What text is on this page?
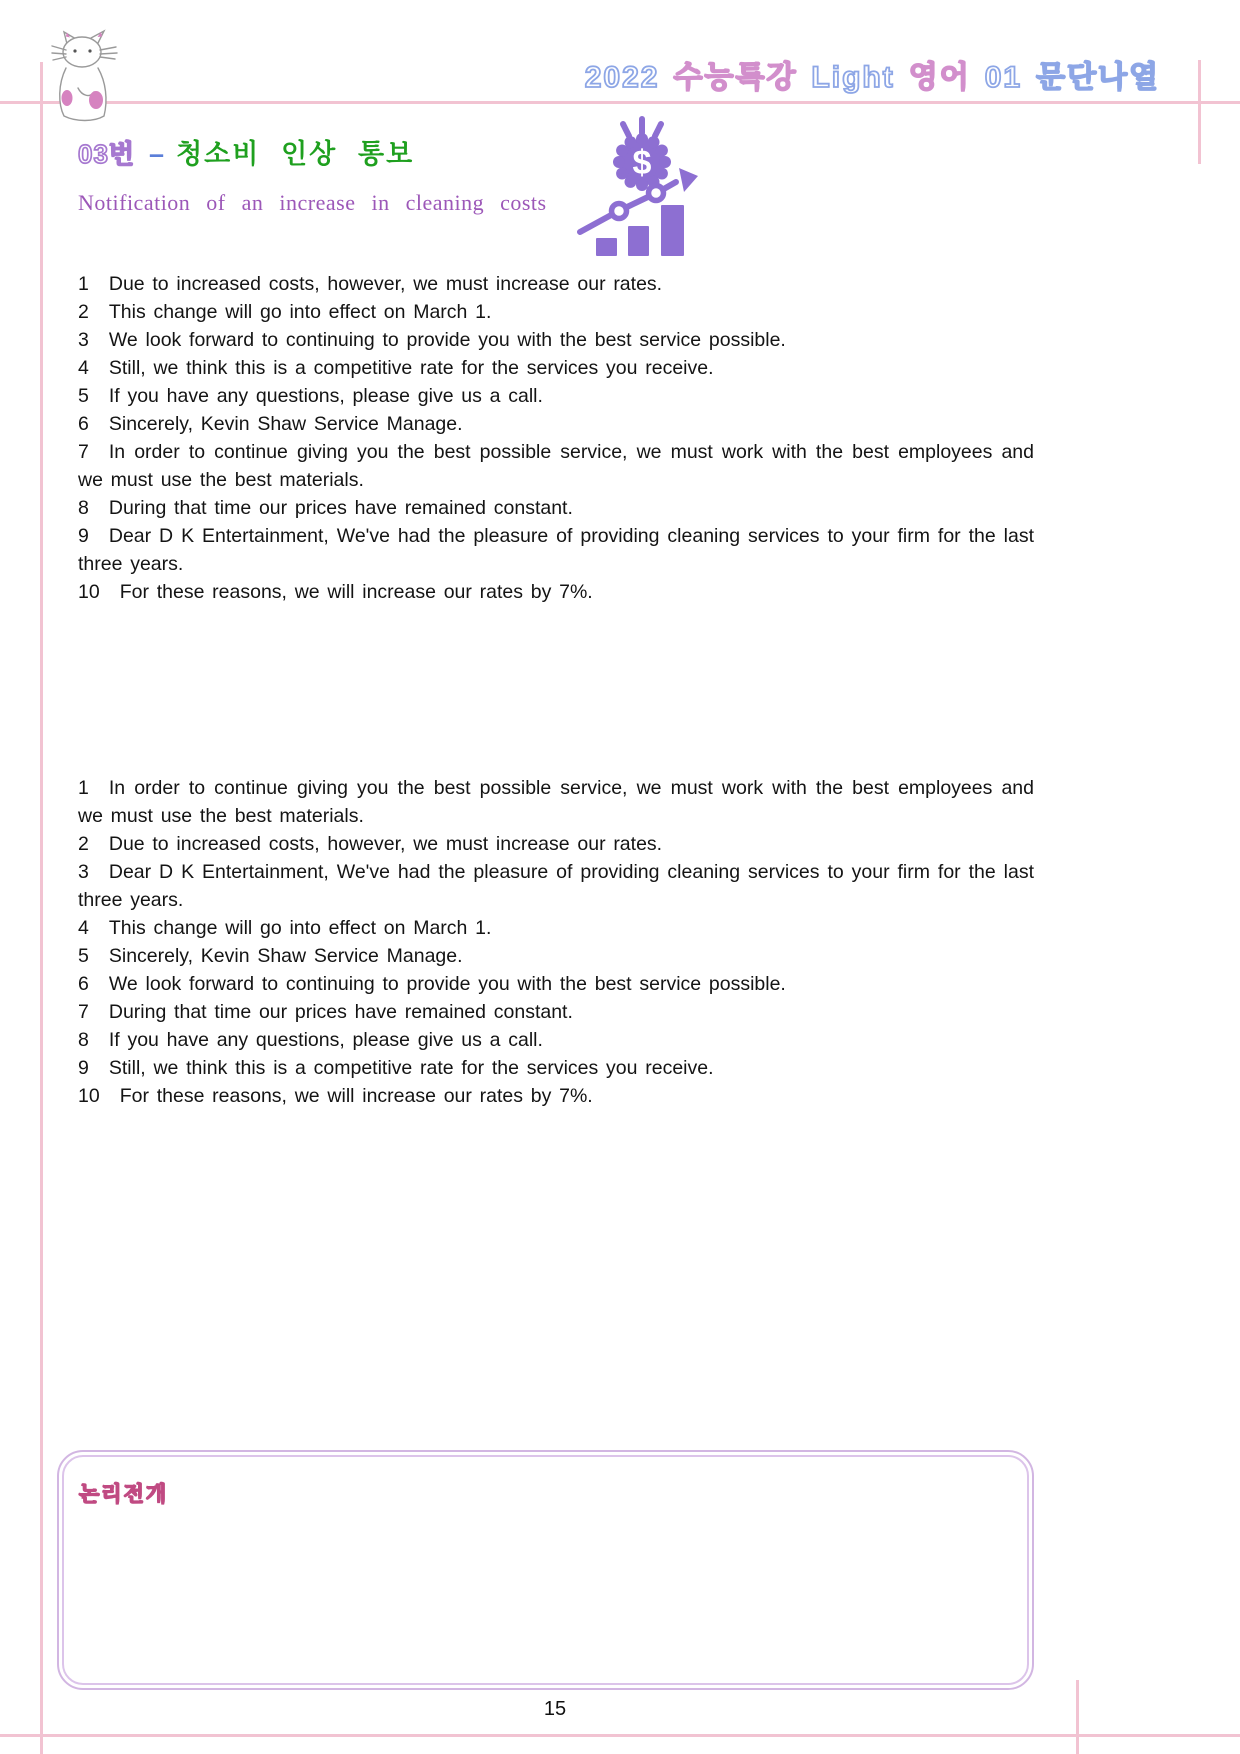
2022 수능특강 Light 영어 01 문단나열
03번 – 청소비 인상 통보
Notification of an increase in cleaning costs
$
1 Due to increased costs, however, we must increase our rates.
2 This change will go into effect on March 1.
3 We look forward to continuing to provide you with the best service possible.
4 Still, we think this is a competitive rate for the services you receive.
5 If you have any questions, please give us a call.
6 Sincerely, Kevin Shaw Service Manage.
7 In order to continue giving you the best possible service, we must work with the best employees and we must use the best materials.
8 During that time our prices have remained constant.
9 Dear D K Entertainment, We've had the pleasure of providing cleaning services to your firm for the last three years.
10 For these reasons, we will increase our rates by 7%.
1 In order to continue giving you the best possible service, we must work with the best employees and we must use the best materials.
2 Due to increased costs, however, we must increase our rates.
3 Dear D K Entertainment, We've had the pleasure of providing cleaning services to your firm for the last three years.
4 This change will go into effect on March 1.
5 Sincerely, Kevin Shaw Service Manage.
6 We look forward to continuing to provide you with the best service possible.
7 During that time our prices have remained constant.
8 If you have any questions, please give us a call.
9 Still, we think this is a competitive rate for the services you receive.
10 For these reasons, we will increase our rates by 7%.
논리전개
15
